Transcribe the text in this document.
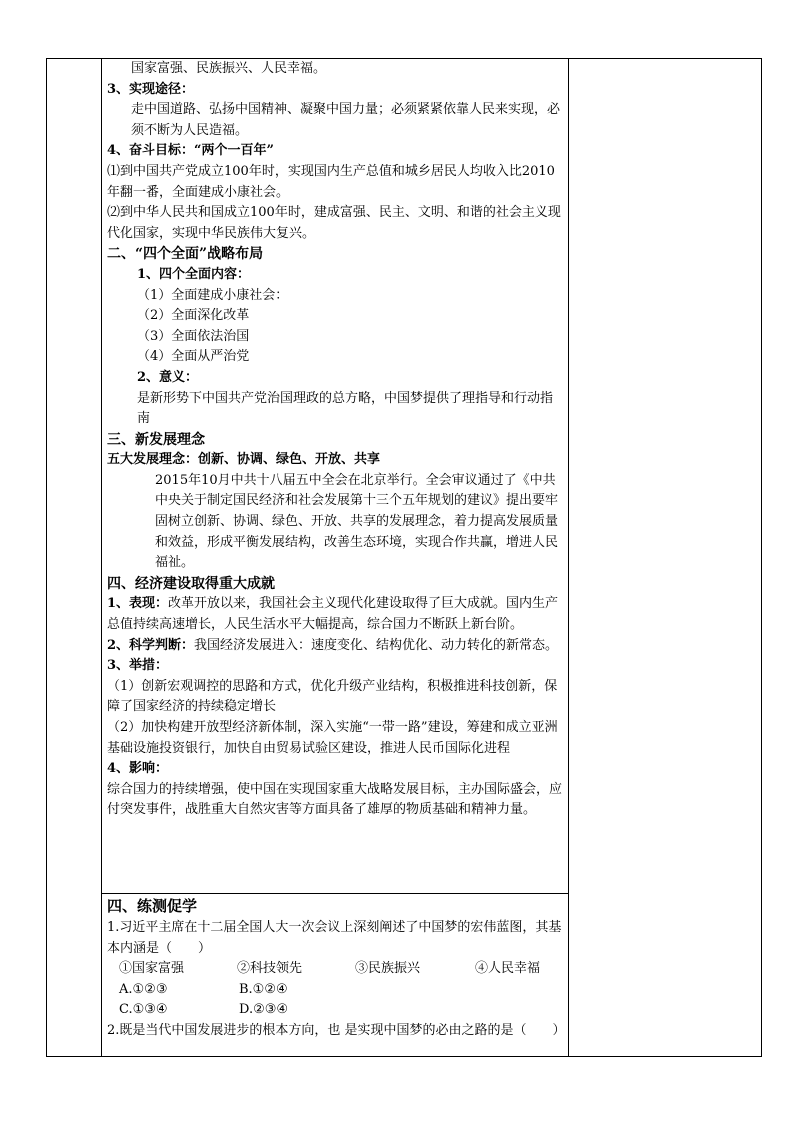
国家富强、民族振兴、人民幸福。

3、实现途径：

走中国道路、弘扬中国精神、凝聚中国力量；必须紧紧依靠人民来实现，必须不断为人民造福。

4、奋斗目标：“两个一百年”

⑴到中国共产党成立100年时，实现国内生产总值和城乡居民人均收入比2010年翻一番，全面建成小康社会。

⑵到中华人民共和国成立100年时，建成富强、民主、文明、和谐的社会主义现代化国家，实现中华民族伟大复兴。

二、“四个全面”战略布局

1、四个全面内容：

（1）全面建成小康社会：

（2）全面深化改革

（3）全面依法治国

（4）全面从严治党

2、意义：

是新形势下中国共产党治国理政的总方略，中国梦提供了理指导和行动指南

三、新发展理念

五大发展理念：创新、协调、绿色、开放、共享

2015年10月中共十八届五中全会在北京举行。全会审议通过了《中共中央关于制定国民经济和社会发展第十三个五年规划的建议》提出要牢固树立创新、协调、绿色、开放、共享的发展理念，着力提高发展质量和效益，形成平衡发展结构，改善生态环境，实现合作共赢，增进人民福祉。

四、经济建设取得重大成就

1、表现：改革开放以来，我国社会主义现代化建设取得了巨大成就。国内生产总值持续高速增长，人民生活水平大幅提高，综合国力不断跃上新台阶。

2、科学判断：我国经济发展进入：速度变化、结构优化、动力转化的新常态。

3、举措：

（1）创新宏观调控的思路和方式，优化升级产业结构，积极推进科技创新，保障了国家经济的持续稳定增长

（2）加快构建开放型经济新体制，深入实施“一带一路”建设，筹建和成立亚洲基础设施投资银行，加快自由贸易试验区建设，推进人民币国际化进程

4、影响：

综合国力的持续增强，使中国在实现国家重大战略发展目标，主办国际盛会，应付突发事件，战胜重大自然灾害等方面具备了雄厚的物质基础和精神力量。

四、练测促学

1.习近平主席在十二届全国人大一次会议上深刻阐述了中国梦的宏伟蓝图，其基本内涵是（　　）

①国家富强	②科技领先	③民族振兴	④人民幸福
A.①②③	B.①②④
C.①③④	D.②③④

2.既是当代中国发展进步的根本方向，也 是实现中国梦的必由之路的是（　　）
